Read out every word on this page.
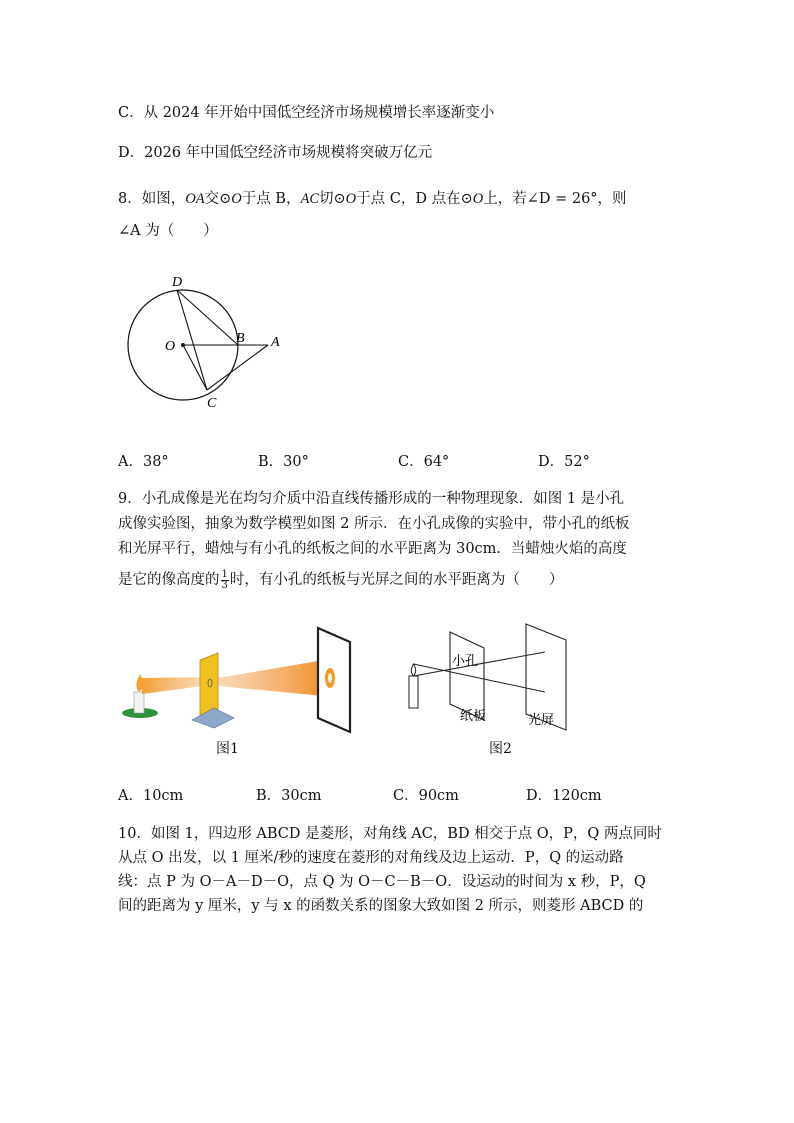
C．从 2024 年开始中国低空经济市场规模增长率逐渐变小
D．2026 年中国低空经济市场规模将突破万亿元
8．如图，OA交⊙O于点 B，AC切⊙O于点 C，D 点在⊙O上，若∠D = 26°，则
∠A 为（　　）
D
O
B A
C
A．38°	B．30°	C．64°	D．52°
9．小孔成像是光在均匀介质中沿直线传播形成的一种物理现象．如图 1 是小孔
成像实验图，抽象为数学模型如图 2 所示．在小孔成像的实验中，带小孔的纸板
和光屏平行，蜡烛与有小孔的纸板之间的水平距离为 30cm．当蜡烛火焰的高度
是它的像高度的 $\frac{1}{3}$ 时，有小孔的纸板与光屏之间的水平距离为（　　）
图1
小孔
纸板	光屏
图2
A．10cm	B．30cm	C．90cm	D．120cm
10．如图 1，四边形 ABCD 是菱形，对角线 AC，BD 相交于点 O，P，Q 两点同时
从点 O 出发，以 1 厘米/秒的速度在菱形的对角线及边上运动．P，Q 的运动路
线：点 P 为 O－A－D－O，点 Q 为 O－C－B－O．设运动的时间为 x 秒，P，Q
间的距离为 y 厘米，y 与 x 的函数关系的图象大致如图 2 所示，则菱形 ABCD 的
